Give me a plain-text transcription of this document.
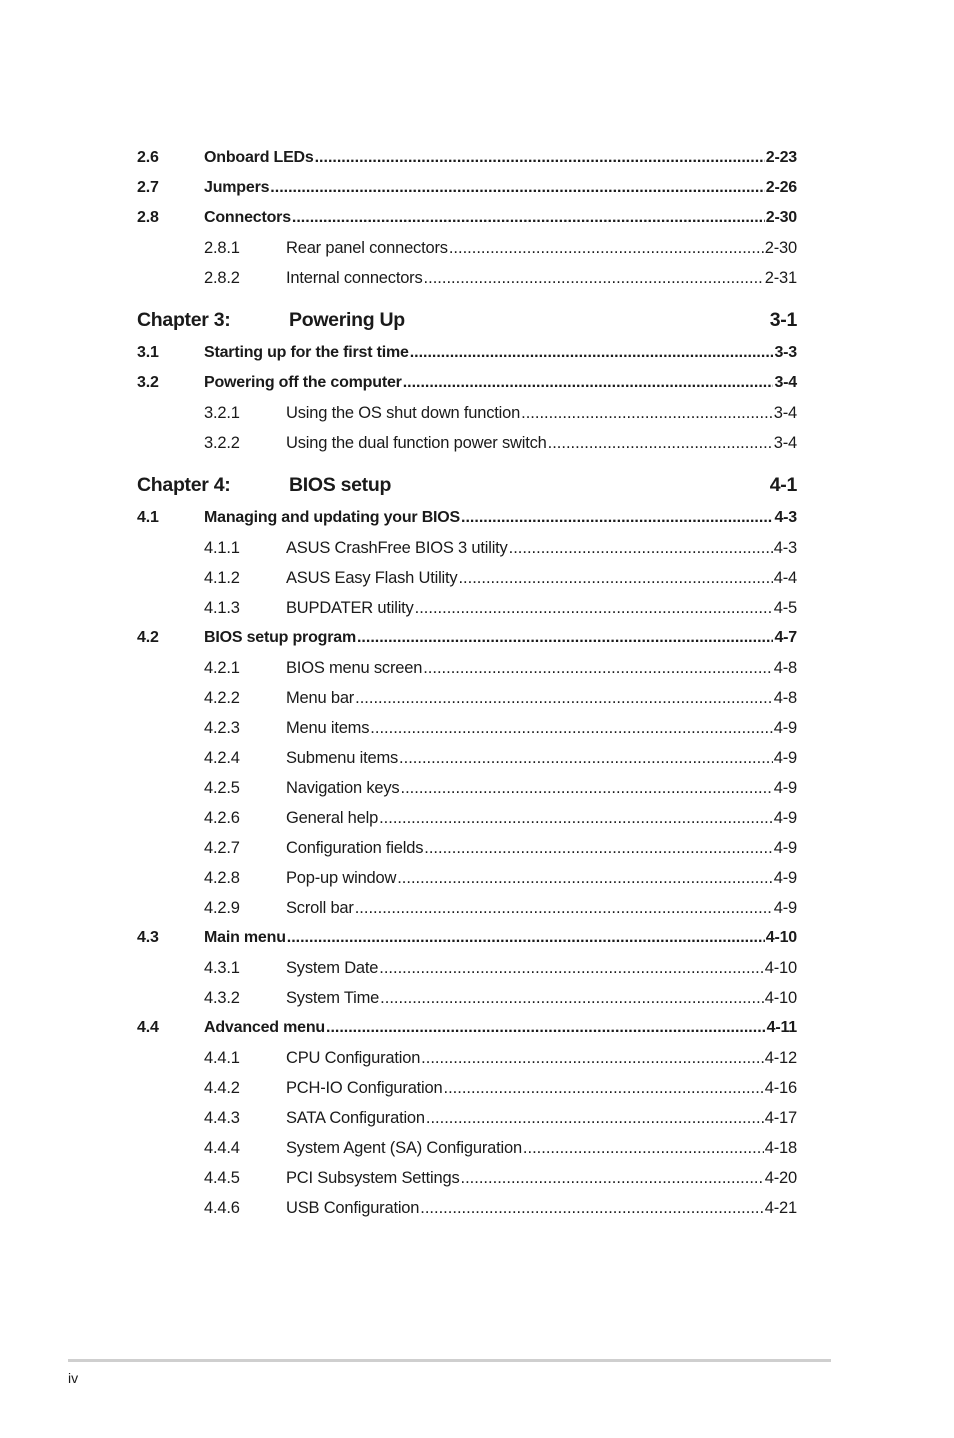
2.6	Onboard LEDs .....	2-23
2.7	Jumpers .....	2-26
2.8	Connectors .....	2-30
2.8.1	Rear panel connectors .....	2-30
2.8.2	Internal connectors .....	2-31
Chapter 3:	Powering Up	3-1
3.1	Starting up for the first time .....	3-3
3.2	Powering off the computer .....	3-4
3.2.1	Using the OS shut down function .....	3-4
3.2.2	Using the dual function power switch .....	3-4
Chapter 4:	BIOS setup	4-1
4.1	Managing and updating your BIOS .....	4-3
4.1.1	ASUS CrashFree BIOS 3 utility .....	4-3
4.1.2	ASUS Easy Flash Utility .....	4-4
4.1.3	BUPDATER utility .....	4-5
4.2	BIOS setup program .....	4-7
4.2.1	BIOS menu screen .....	4-8
4.2.2	Menu bar .....	4-8
4.2.3	Menu items .....	4-9
4.2.4	Submenu items .....	4-9
4.2.5	Navigation keys .....	4-9
4.2.6	General help .....	4-9
4.2.7	Configuration fields .....	4-9
4.2.8	Pop-up window .....	4-9
4.2.9	Scroll bar .....	4-9
4.3	Main menu .....	4-10
4.3.1	System Date .....	4-10
4.3.2	System Time .....	4-10
4.4	Advanced menu .....	4-11
4.4.1	CPU Configuration .....	4-12
4.4.2	PCH-IO Configuration .....	4-16
4.4.3	SATA Configuration .....	4-17
4.4.4	System Agent (SA) Configuration .....	4-18
4.4.5	PCI Subsystem Settings .....	4-20
4.4.6	USB Configuration .....	4-21
iv
